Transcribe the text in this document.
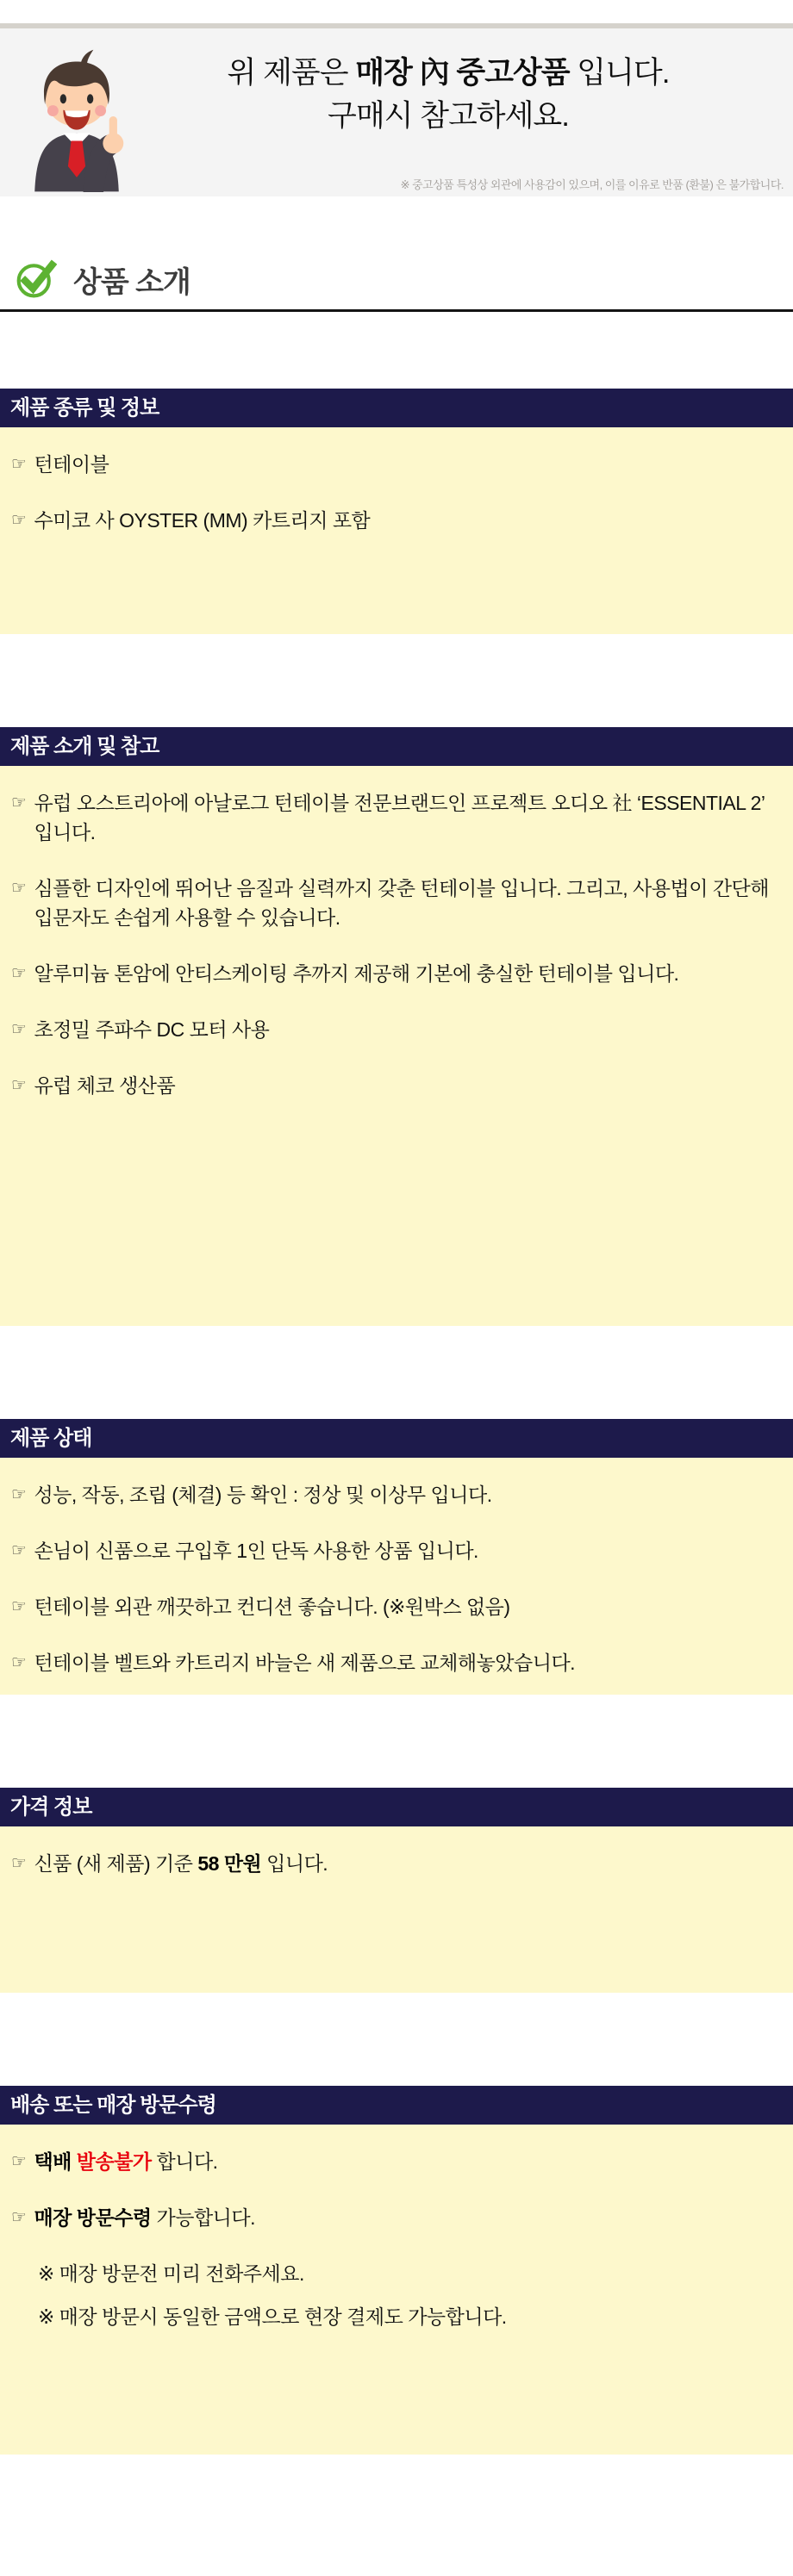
위 제품은 매장 內 중고상품 입니다.
구매시 참고하세요.
※ 중고상품 특성상 외관에 사용감이 있으며, 이를 이유로 반품 (환불) 은 불가합니다.
상품 소개
제품 종류 및 정보
☞ 턴테이블
☞ 수미코 사 OYSTER (MM) 카트리지 포함
제품 소개 및 참고
☞ 유럽 오스트리아에 아날로그 턴테이블 전문브랜드인 프로젝트 오디오 社 ‘ESSENTIAL 2’ 입니다.
☞ 심플한 디자인에 뛰어난 음질과 실력까지 갖춘 턴테이블 입니다. 그리고, 사용법이 간단해 입문자도 손쉽게 사용할 수 있습니다.
☞ 알루미늄 톤암에 안티스케이팅 추까지 제공해 기본에 충실한 턴테이블 입니다.
☞ 초정밀 주파수 DC 모터 사용
☞ 유럽 체코 생산품
제품 상태
☞ 성능, 작동, 조립 (체결) 등 확인 : 정상 및 이상무 입니다.
☞ 손님이 신품으로 구입후 1인 단독 사용한 상품 입니다.
☞ 턴테이블 외관 깨끗하고 컨디션 좋습니다. (※원박스 없음)
☞ 턴테이블 벨트와 카트리지 바늘은 새 제품으로 교체해놓았습니다.
가격 정보
☞ 신품 (새 제품) 기준 58 만원 입니다.
배송 또는 매장 방문수령
☞ 택배 발송불가 합니다.
☞ 매장 방문수령 가능합니다.
※ 매장 방문전 미리 전화주세요.
※ 매장 방문시 동일한 금액으로 현장 결제도 가능합니다.
